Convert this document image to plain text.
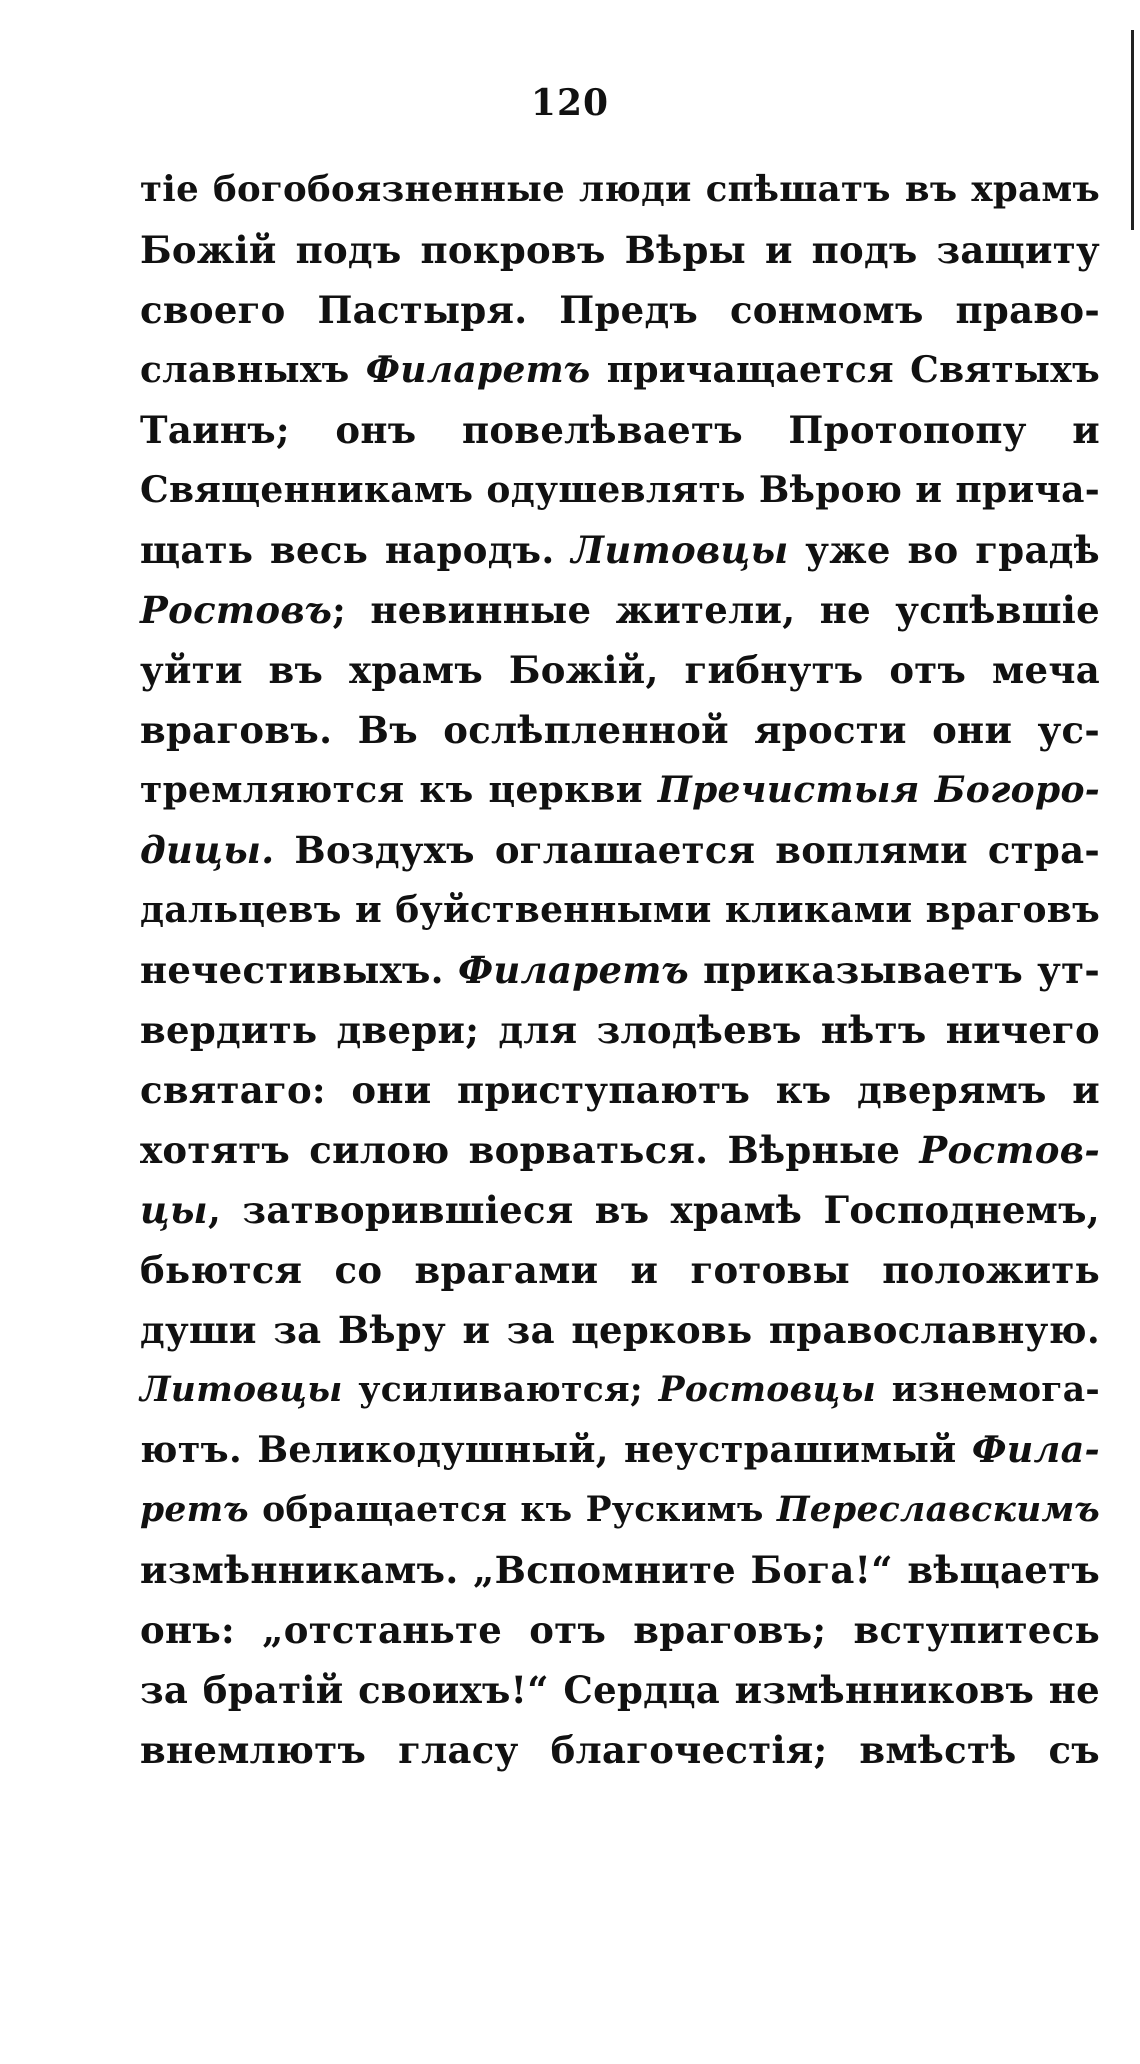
120
тіе богобоязненные люди спѣшатъ въ храмъ
Божій подъ покровъ Вѣры и подъ защиту
своего Пастыря. Предъ сонмомъ право-
славныхъ Филаретъ причащается Святыхъ
Таинъ; онъ повелѣваетъ Протопопу и
Священникамъ одушевлять Вѣрою и прича-
щать весь народъ. Литовцы уже во градѣ
Ростовъ; невинные жители, не успѣвшіе
уйти въ храмъ Божій, гибнутъ отъ меча
враговъ. Въ ослѣпленной ярости они ус-
тремляются къ церкви Пречистыя Богоро-
дицы. Воздухъ оглашается воплями стра-
дальцевъ и буйственными кликами враговъ
нечестивыхъ. Филаретъ приказываетъ ут-
вердить двери; для злодѣевъ нѣтъ ничего
святаго: они приступаютъ къ дверямъ и
хотятъ силою ворваться. Вѣрные Ростов-
цы, затворившіеся въ храмѣ Господнемъ,
бьются со врагами и готовы положить
души за Вѣру и за церковь православную.
Литовцы усиливаются; Ростовцы изнемога-
ютъ. Великодушный, неустрашимый Фила-
ретъ обращается къ Рускимъ Переславскимъ
измѣнникамъ. „Вспомните Бога!“ вѣщаетъ
онъ: „отстаньте отъ враговъ; вступитесь
за братій своихъ!“ Сердца измѣнниковъ не
внемлютъ гласу благочестія; вмѣстѣ съ
